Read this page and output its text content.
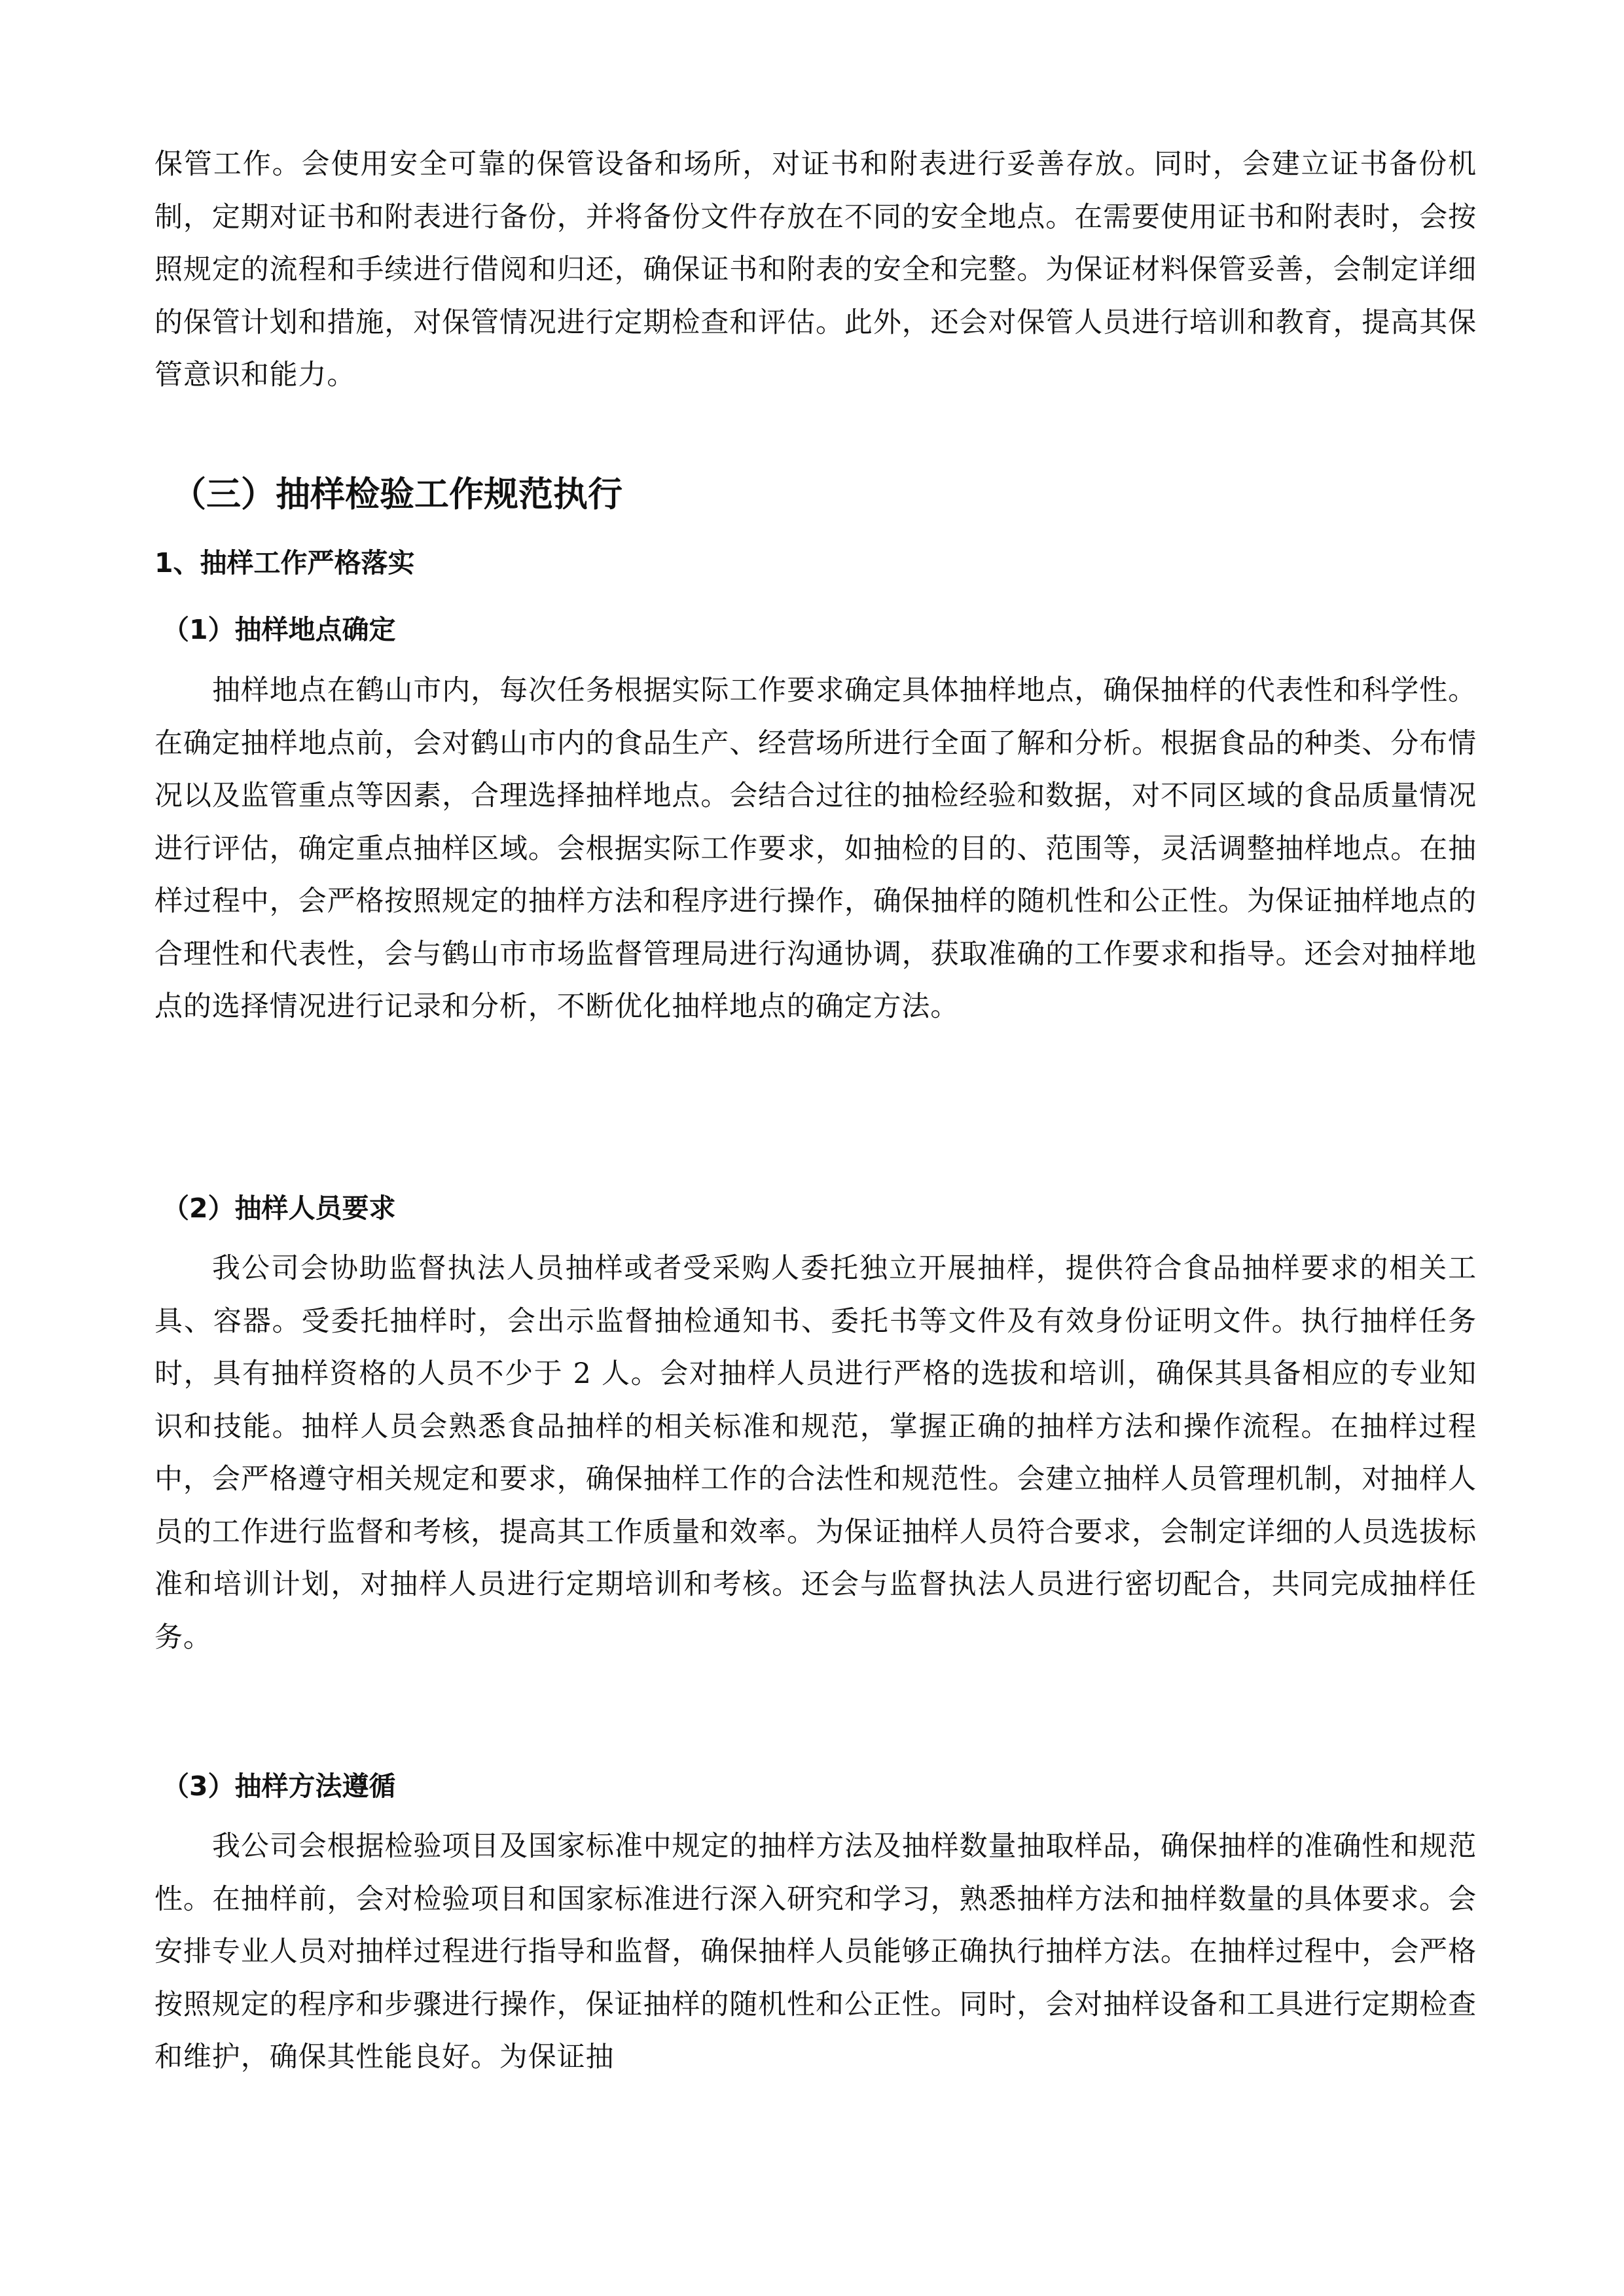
保管工作。会使用安全可靠的保管设备和场所，对证书和附表进行妥善存放。同时，会建立证书备份机制，定期对证书和附表进行备份，并将备份文件存放在不同的安全地点。在需要使用证书和附表时，会按照规定的流程和手续进行借阅和归还，确保证书和附表的安全和完整。为保证材料保管妥善，会制定详细的保管计划和措施，对保管情况进行定期检查和评估。此外，还会对保管人员进行培训和教育，提高其保管意识和能力。

（三）抽样检验工作规范执行
1、抽样工作严格落实
（1）抽样地点确定

抽样地点在鹤山市内，每次任务根据实际工作要求确定具体抽样地点，确保抽样的代表性和科学性。在确定抽样地点前，会对鹤山市内的食品生产、经营场所进行全面了解和分析。根据食品的种类、分布情况以及监管重点等因素，合理选择抽样地点。会结合过往的抽检经验和数据，对不同区域的食品质量情况进行评估，确定重点抽样区域。会根据实际工作要求，如抽检的目的、范围等，灵活调整抽样地点。在抽样过程中，会严格按照规定的抽样方法和程序进行操作，确保抽样的随机性和公正性。为保证抽样地点的合理性和代表性，会与鹤山市市场监督管理局进行沟通协调，获取准确的工作要求和指导。还会对抽样地点的选择情况进行记录和分析，不断优化抽样地点的确定方法。

（2）抽样人员要求

我公司会协助监督执法人员抽样或者受采购人委托独立开展抽样，提供符合食品抽样要求的相关工具、容器。受委托抽样时，会出示监督抽检通知书、委托书等文件及有效身份证明文件。执行抽样任务时，具有抽样资格的人员不少于 2 人。会对抽样人员进行严格的选拔和培训，确保其具备相应的专业知识和技能。抽样人员会熟悉食品抽样的相关标准和规范，掌握正确的抽样方法和操作流程。在抽样过程中，会严格遵守相关规定和要求，确保抽样工作的合法性和规范性。会建立抽样人员管理机制，对抽样人员的工作进行监督和考核，提高其工作质量和效率。为保证抽样人员符合要求，会制定详细的人员选拔标准和培训计划，对抽样人员进行定期培训和考核。还会与监督执法人员进行密切配合，共同完成抽样任务。

（3）抽样方法遵循

我公司会根据检验项目及国家标准中规定的抽样方法及抽样数量抽取样品，确保抽样的准确性和规范性。在抽样前，会对检验项目和国家标准进行深入研究和学习，熟悉抽样方法和抽样数量的具体要求。会安排专业人员对抽样过程进行指导和监督，确保抽样人员能够正确执行抽样方法。在抽样过程中，会严格按照规定的程序和步骤进行操作，保证抽样的随机性和公正性。同时，会对抽样设备和工具进行定期检查和维护，确保其性能良好。为保证抽
